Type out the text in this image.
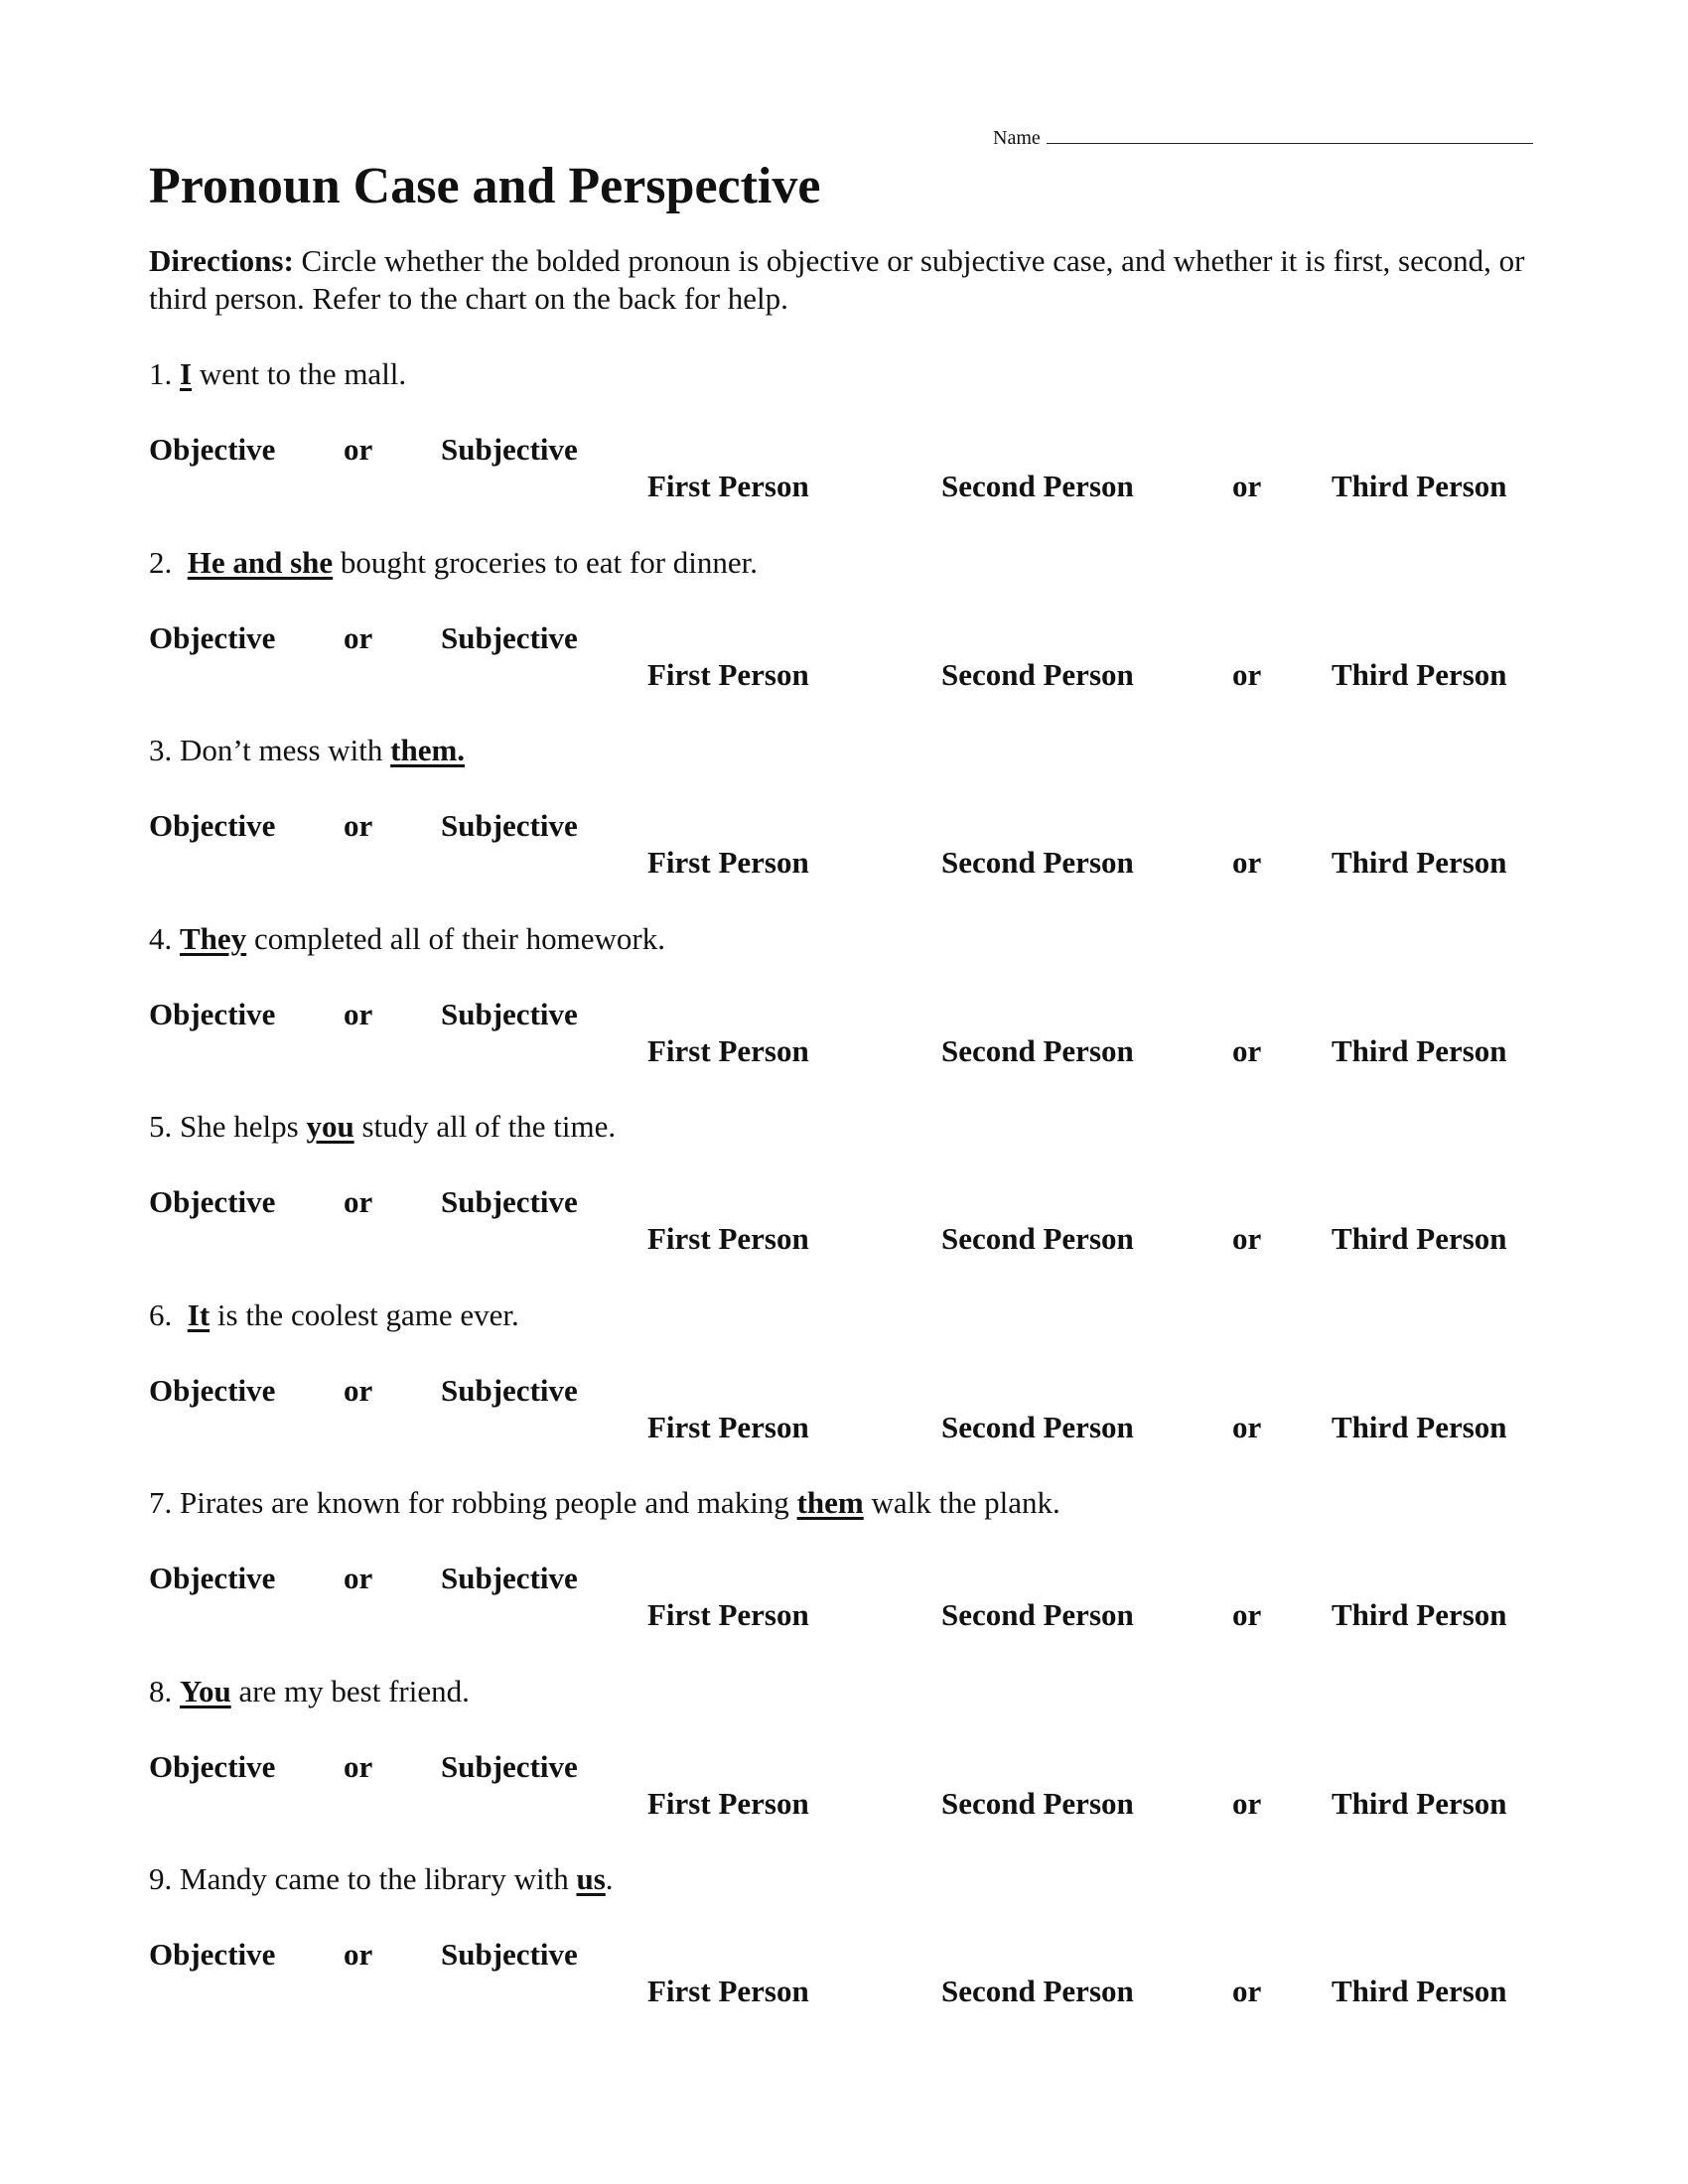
Name
Pronoun Case and Perspective

Directions: Circle whether the bolded pronoun is objective or subjective case, and whether it is first, second, or third person. Refer to the chart on the back for help.

1. I went to the mall.

Objective or Subjective
First Person	Second Person	or Third Person

2. He and she bought groceries to eat for dinner.

Objective or Subjective
First Person	Second Person	or Third Person

3. Don’t mess with them.

Objective or Subjective
First Person	Second Person	or Third Person

4. They completed all of their homework.

Objective or Subjective
First Person	Second Person	or Third Person

5. She helps you study all of the time.

Objective or Subjective
First Person	Second Person	or Third Person

6. It is the coolest game ever.

Objective or Subjective
First Person	Second Person	or Third Person

7. Pirates are known for robbing people and making them walk the plank.

Objective or Subjective
First Person	Second Person	or Third Person

8. You are my best friend.

Objective or Subjective
First Person	Second Person	or Third Person

9. Mandy came to the library with us.

Objective or Subjective
First Person	Second Person	or Third Person
